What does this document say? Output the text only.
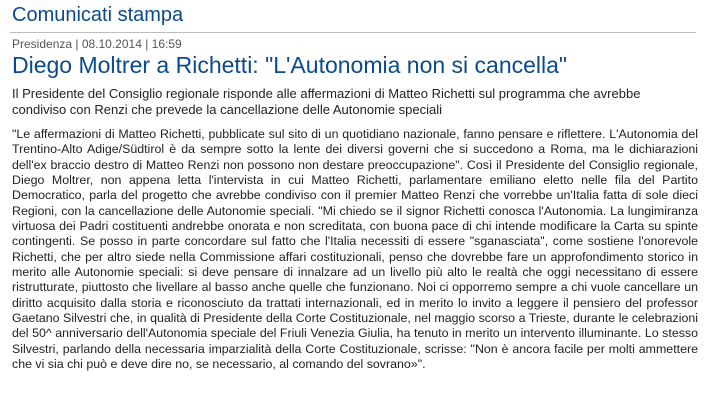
Comunicati stampa
Presidenza | 08.10.2014 | 16:59
Diego Moltrer a Richetti: "L'Autonomia non si cancella"
Il Presidente del Consiglio regionale risponde alle affermazioni di Matteo Richetti sul programma che avrebbe condiviso con Renzi che prevede la cancellazione delle Autonomie speciali
"Le affermazioni di Matteo Richetti, pubblicate sul sito di un quotidiano nazionale, fanno pensare e riflettere. L'Autonomia del Trentino-Alto Adige/Südtirol è da sempre sotto la lente dei diversi governi che si succedono a Roma, ma le dichiarazioni dell'ex braccio destro di Matteo Renzi non possono non destare preoccupazione". Così il Presidente del Consiglio regionale, Diego Moltrer, non appena letta l'intervista in cui Matteo Richetti, parlamentare emiliano eletto nelle fila del Partito Democratico, parla del progetto che avrebbe condiviso con il premier Matteo Renzi che vorrebbe un'Italia fatta di sole dieci Regioni, con la cancellazione delle Autonomie speciali. "Mi chiedo se il signor Richetti conosca l'Autonomia. La lungimiranza virtuosa dei Padri costituenti andrebbe onorata e non screditata, con buona pace di chi intende modificare la Carta su spinte contingenti. Se posso in parte concordare sul fatto che l'Italia necessiti di essere "sganasciata", come sostiene l'onorevole Richetti, che per altro siede nella Commissione affari costituzionali, penso che dovrebbe fare un approfondimento storico in merito alle Autonomie speciali: si deve pensare di innalzare ad un livello più alto le realtà che oggi necessitano di essere ristrutturate, piuttosto che livellare al basso anche quelle che funzionano. Noi ci opporremo sempre a chi vuole cancellare un diritto acquisito dalla storia e riconosciuto da trattati internazionali, ed in merito lo invito a leggere il pensiero del professor Gaetano Silvestri che, in qualità di Presidente della Corte Costituzionale, nel maggio scorso a Trieste, durante le celebrazioni del 50^ anniversario dell'Autonomia speciale del Friuli Venezia Giulia, ha tenuto in merito un intervento illuminante. Lo stesso Silvestri, parlando della necessaria imparzialità della Corte Costituzionale, scrisse: "Non è ancora facile per molti ammettere che vi sia chi può e deve dire no, se necessario, al comando del sovrano»".
